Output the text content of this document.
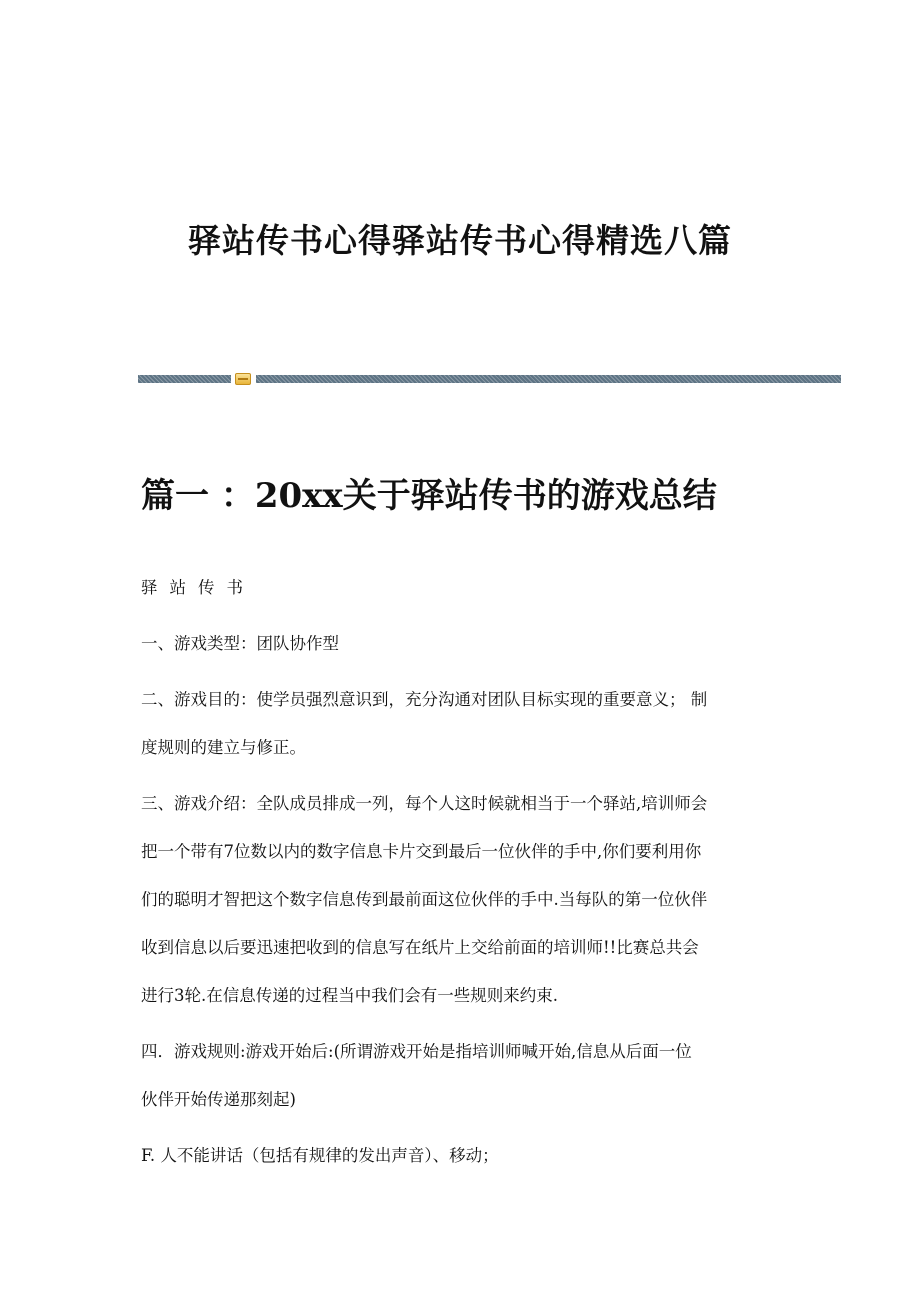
驿站传书心得驿站传书心得精选八篇
篇一 ：20xx关于驿站传书的游戏总结

驿站传书

一、游戏类型：团队协作型

二、游戏目的：使学员强烈意识到，充分沟通对团队目标实现的重要意义； 制

度规则的建立与修正。

三、游戏介绍：全队成员排成一列，每个人这时候就相当于一个驿站,培训师会

把一个带有7位数以内的数字信息卡片交到最后一位伙伴的手中,你们要利用你

们的聪明才智把这个数字信息传到最前面这位伙伴的手中.当每队的第一位伙伴

收到信息以后要迅速把收到的信息写在纸片上交给前面的培训师!!比赛总共会

进行3轮.在信息传递的过程当中我们会有一些规则来约束.

四．游戏规则:游戏开始后:(所谓游戏开始是指培训师喊开始,信息从后面一位

伙伴开始传递那刻起)

F. 人不能讲话（包括有规律的发出声音）、移动；
